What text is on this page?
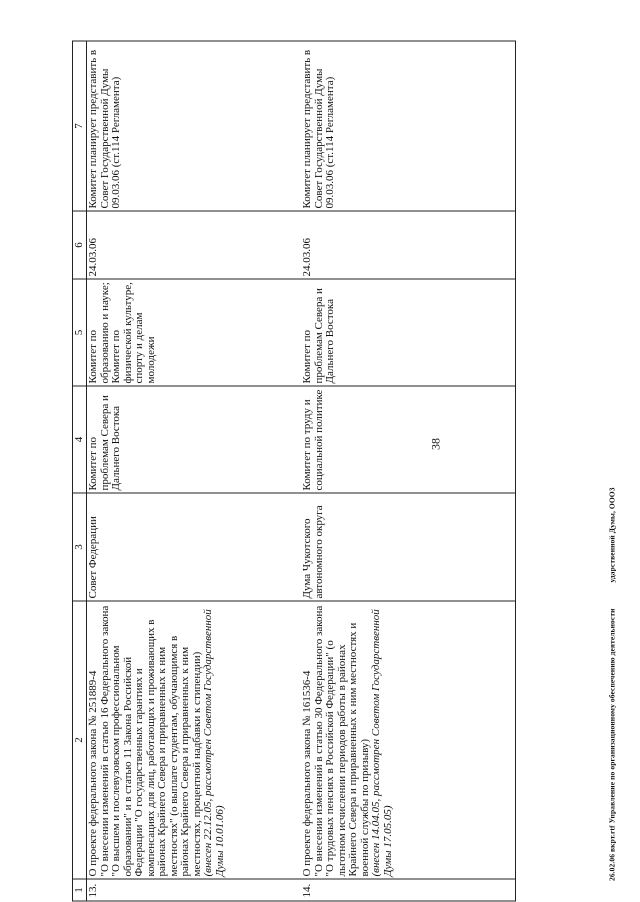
38
26.02.06 вкрт.rtf Управление по организационному обеспечению деятельностиударственной Думы, ООО3
1	2	3	4	5	6	7
13.	О проекте федерального закона № 251889-4 "О внесении изменений в статью 16 Федерального закона "О высшем и послевузовском профессиональном образовании" и в статью 11 Закона Российской Федерации "О государственных гарантиях и компенсациях для лиц, работающих и проживающих в районах Крайнего Севера и приравненных к ним местностях" (о выплате студентам, обучающимся в районах Крайнего Севера и приравненных к ним местностях, процентной надбавки к стипендии) (внесен 22.12.05, рассмотрен Советом Государственной Думы 10.01.06)	Совет Федерации	Комитет по проблемам Севера и Дальнего Востока	Комитет по образованию и науке; Комитет по физической культуре, спорту и делам молодежи	24.03.06	Комитет планирует представить в Совет Государственной Думы 09.03.06 (ст.114 Регламента)
14.	О проекте федерального закона № 161536-4 "О внесении изменений в статью 30 Федерального закона "О трудовых пенсиях в Российской Федерации" (о льготном исчислении периодов работы в районах Крайнего Севера и приравненных к ним местностях и военной службы по призыву) (внесен 14.04.05, рассмотрен Советом Государственной Думы 17.05.05)	Дума Чукотского автономного округа	Комитет по труду и социальной политике	Комитет по проблемам Севера и Дальнего Востока	24.03.06	Комитет планирует представить в Совет Государственной Думы 09.03.06 (ст.114 Регламента)
